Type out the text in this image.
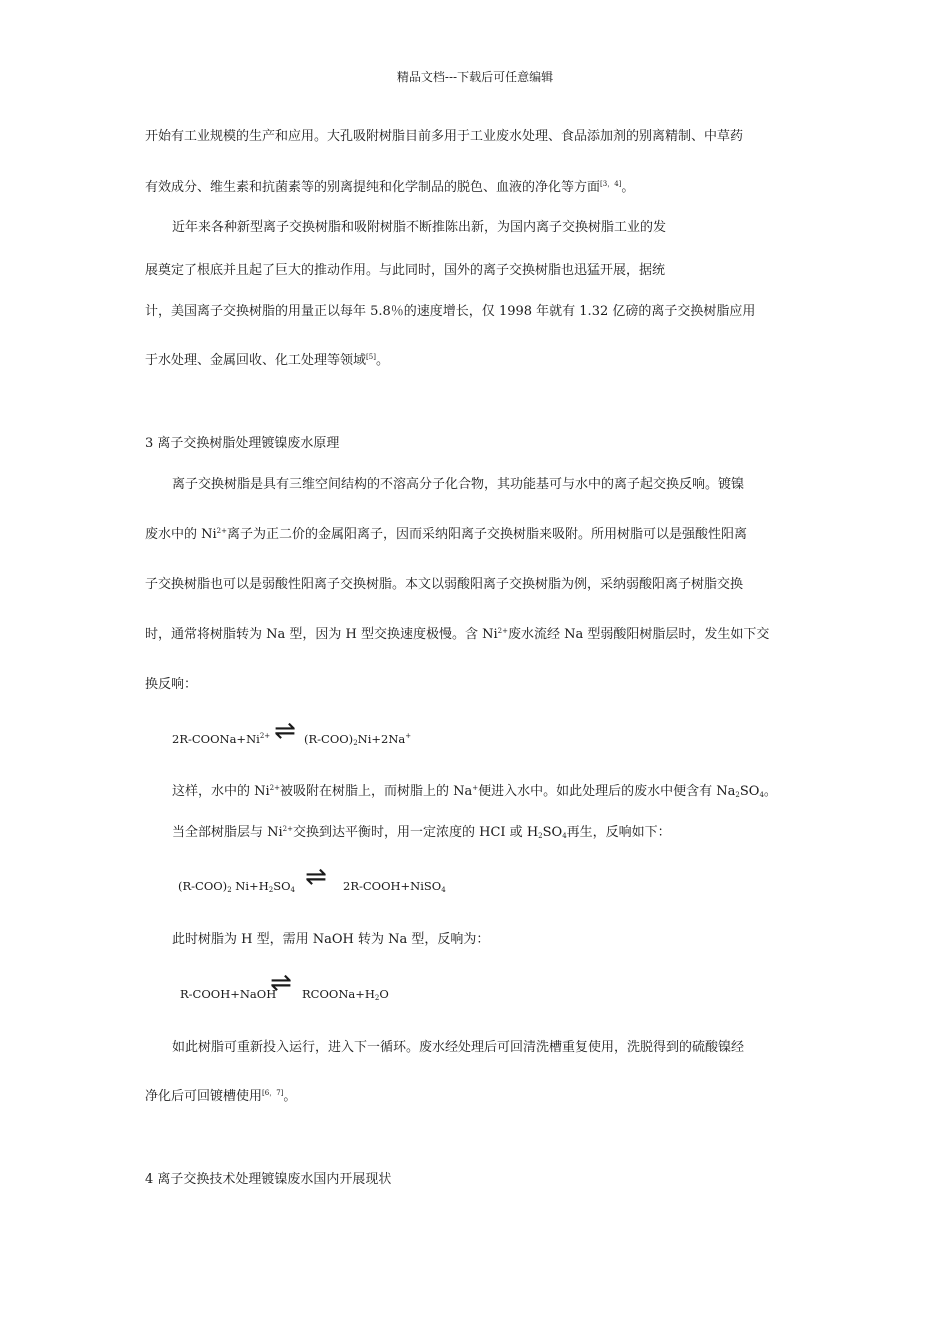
精品文档---下载后可任意编辑
开始有工业规模的生产和应用。大孔吸附树脂目前多用于工业废水处理、食品添加剂的别离精制、中草药
有效成分、维生素和抗菌素等的别离提纯和化学制品的脱色、血液的净化等方面[3，4]。
近年来各种新型离子交换树脂和吸附树脂不断推陈出新，为国内离子交换树脂工业的发
展奠定了根底并且起了巨大的推动作用。与此同时，国外的离子交换树脂也迅猛开展，据统
计，美国离子交换树脂的用量正以每年 5.8％的速度增长，仅 1998 年就有 1.32 亿磅的离子交换树脂应用
于水处理、金属回收、化工处理等领域[5]。
3 离子交换树脂处理镀镍废水原理
离子交换树脂是具有三维空间结构的不溶高分子化合物，其功能基可与水中的离子起交换反响。镀镍
废水中的 $Ni^{2+}$离子为正二价的金属阳离子，因而采纳阳离子交换树脂来吸附。所用树脂可以是强酸性阳离
子交换树脂也可以是弱酸性阳离子交换树脂。本文以弱酸阳离子交换树脂为例，采纳弱酸阳离子树脂交换
时，通常将树脂转为 Na 型，因为 H 型交换速度极慢。含 $Ni^{2+}$废水流经 Na 型弱酸阳树脂层时，发生如下交
换反响：
$2R-COONa+Ni^{2+}$ ⇌ $(R-COO)_2Ni+2Na^+$
这样，水中的 $Ni^{2+}$被吸附在树脂上，而树脂上的 Na+便进入水中。如此处理后的废水中便含有 $Na_2SO_4$。
当全部树脂层与 $Ni^{2+}$交换到达平衡时，用一定浓度的 HCI 或 $H_2SO_4$再生，反响如下：
$(R-COO)_2$ $Ni+H_2SO_4$ ⇌ 2R-COOH+NiSO$_4$
此时树脂为 H 型，需用 NaOH 转为 Na 型，反响为：
R-COOH+NaOH
⇌ $RCOONa+H_2O$
如此树脂可重新投入运行，进入下一循环。废水经处理后可回清洗槽重复使用，洗脱得到的硫酸镍经
净化后可回镀槽使用[6，7]。
4 离子交换技术处理镀镍废水国内开展现状
